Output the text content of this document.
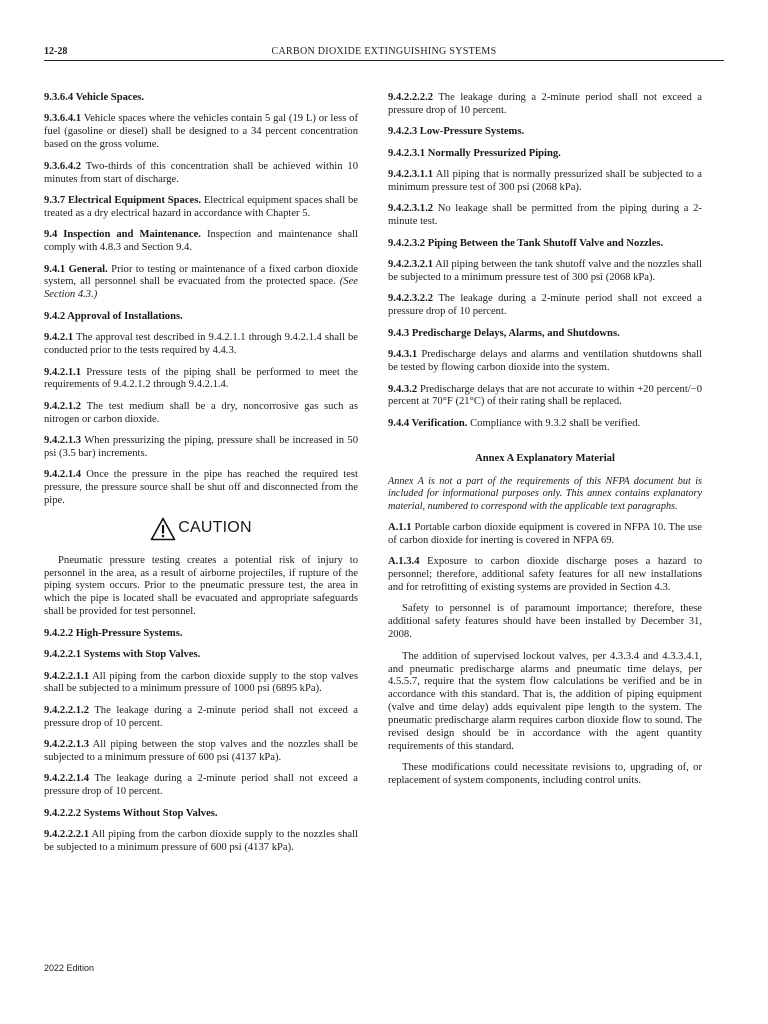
12-28	CARBON DIOXIDE EXTINGUISHING SYSTEMS

9.3.6.4 Vehicle Spaces.

9.3.6.4.1 Vehicle spaces where the vehicles contain 5 gal (19 L) or less of fuel (gasoline or diesel) shall be designed to a 34 percent concentration based on the gross volume.

9.3.6.4.2 Two-thirds of this concentration shall be achieved within 10 minutes from start of discharge.

9.3.7 Electrical Equipment Spaces. Electrical equipment spaces shall be treated as a dry electrical hazard in accordance with Chapter 5.

9.4 Inspection and Maintenance. Inspection and maintenance shall comply with 4.8.3 and Section 9.4.

9.4.1 General. Prior to testing or maintenance of a fixed carbon dioxide system, all personnel shall be evacuated from the protected space. (See Section 4.3.)

9.4.2 Approval of Installations.

9.4.2.1 The approval test described in 9.4.2.1.1 through 9.4.2.1.4 shall be conducted prior to the tests required by 4.4.3.

9.4.2.1.1 Pressure tests of the piping shall be performed to meet the requirements of 9.4.2.1.2 through 9.4.2.1.4.

9.4.2.1.2 The test medium shall be a dry, noncorrosive gas such as nitrogen or carbon dioxide.

9.4.2.1.3 When pressurizing the piping, pressure shall be increased in 50 psi (3.5 bar) increments.

9.4.2.1.4 Once the pressure in the pipe has reached the required test pressure, the pressure source shall be shut off and disconnected from the pipe.

CAUTION

Pneumatic pressure testing creates a potential risk of injury to personnel in the area, as a result of airborne projectiles, if rupture of the piping system occurs. Prior to the pneumatic pressure test, the area in which the pipe is located shall be evacuated and appropriate safeguards shall be provided for test personnel.

9.4.2.2 High-Pressure Systems.

9.4.2.2.1 Systems with Stop Valves.

9.4.2.2.1.1 All piping from the carbon dioxide supply to the stop valves shall be subjected to a minimum pressure of 1000 psi (6895 kPa).

9.4.2.2.1.2 The leakage during a 2-minute period shall not exceed a pressure drop of 10 percent.

9.4.2.2.1.3 All piping between the stop valves and the nozzles shall be subjected to a minimum pressure of 600 psi (4137 kPa).

9.4.2.2.1.4 The leakage during a 2-minute period shall not exceed a pressure drop of 10 percent.

9.4.2.2.2 Systems Without Stop Valves.

9.4.2.2.2.1 All piping from the carbon dioxide supply to the nozzles shall be subjected to a minimum pressure of 600 psi (4137 kPa).

9.4.2.2.2.2 The leakage during a 2-minute period shall not exceed a pressure drop of 10 percent.

9.4.2.3 Low-Pressure Systems.

9.4.2.3.1 Normally Pressurized Piping.

9.4.2.3.1.1 All piping that is normally pressurized shall be subjected to a minimum pressure test of 300 psi (2068 kPa).

9.4.2.3.1.2 No leakage shall be permitted from the piping during a 2-minute test.

9.4.2.3.2 Piping Between the Tank Shutoff Valve and Nozzles.

9.4.2.3.2.1 All piping between the tank shutoff valve and the nozzles shall be subjected to a minimum pressure test of 300 psi (2068 kPa).

9.4.2.3.2.2 The leakage during a 2-minute period shall not exceed a pressure drop of 10 percent.

9.4.3 Predischarge Delays, Alarms, and Shutdowns.

9.4.3.1 Predischarge delays and alarms and ventilation shutdowns shall be tested by flowing carbon dioxide into the system.

9.4.3.2 Predischarge delays that are not accurate to within +20 percent/−0 percent at 70°F (21°C) of their rating shall be replaced.

9.4.4 Verification. Compliance with 9.3.2 shall be verified.

Annex A Explanatory Material

Annex A is not a part of the requirements of this NFPA document but is included for informational purposes only. This annex contains explanatory material, numbered to correspond with the applicable text paragraphs.

A.1.1 Portable carbon dioxide equipment is covered in NFPA 10. The use of carbon dioxide for inerting is covered in NFPA 69.

A.1.3.4 Exposure to carbon dioxide discharge poses a hazard to personnel; therefore, additional safety features for all new installations and for retrofitting of existing systems are provided in Section 4.3.

Safety to personnel is of paramount importance; therefore, these additional safety features should have been installed by December 31, 2008.

The addition of supervised lockout valves, per 4.3.3.4 and 4.3.3.4.1, and pneumatic predischarge alarms and pneumatic time delays, per 4.5.5.7, require that the system flow calculations be verified and be in accordance with this standard. That is, the addition of piping equipment (valve and time delay) adds equivalent pipe length to the system. The pneumatic predischarge alarm requires carbon dioxide flow to sound. The revised design should be in accordance with the agent quantity requirements of this standard.

These modifications could necessitate revisions to, upgrading of, or replacement of system components, including control units.

2022 Edition
